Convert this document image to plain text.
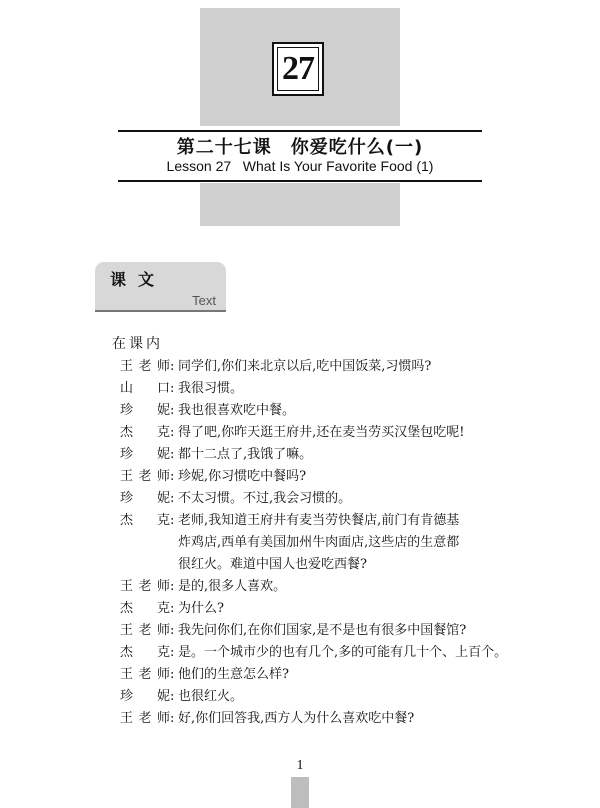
27
第二十七课　你爱吃什么(一)
Lesson 27   What Is Your Favorite Food (1)
课文
Text
在课内
王老师 : 同学们,你们来北京以后,吃中国饭菜,习惯吗?
山口 : 我很习惯。
珍妮 : 我也很喜欢吃中餐。
杰克 : 得了吧,你昨天逛王府井,还在麦当劳买汉堡包吃呢!
珍妮 : 都十二点了,我饿了嘛。
王老师 : 珍妮,你习惯吃中餐吗?
珍妮 : 不太习惯。不过,我会习惯的。
杰克 : 老师,我知道王府井有麦当劳快餐店,前门有肯德基
炸鸡店,西单有美国加州牛肉面店,这些店的生意都
很红火。难道中国人也爱吃西餐?
王老师 : 是的,很多人喜欢。
杰克 : 为什么?
王老师 : 我先问你们,在你们国家,是不是也有很多中国餐馆?
杰克 : 是。一个城市少的也有几个,多的可能有几十个、上百个。
王老师 : 他们的生意怎么样?
珍妮 : 也很红火。
王老师 : 好,你们回答我,西方人为什么喜欢吃中餐?
1
